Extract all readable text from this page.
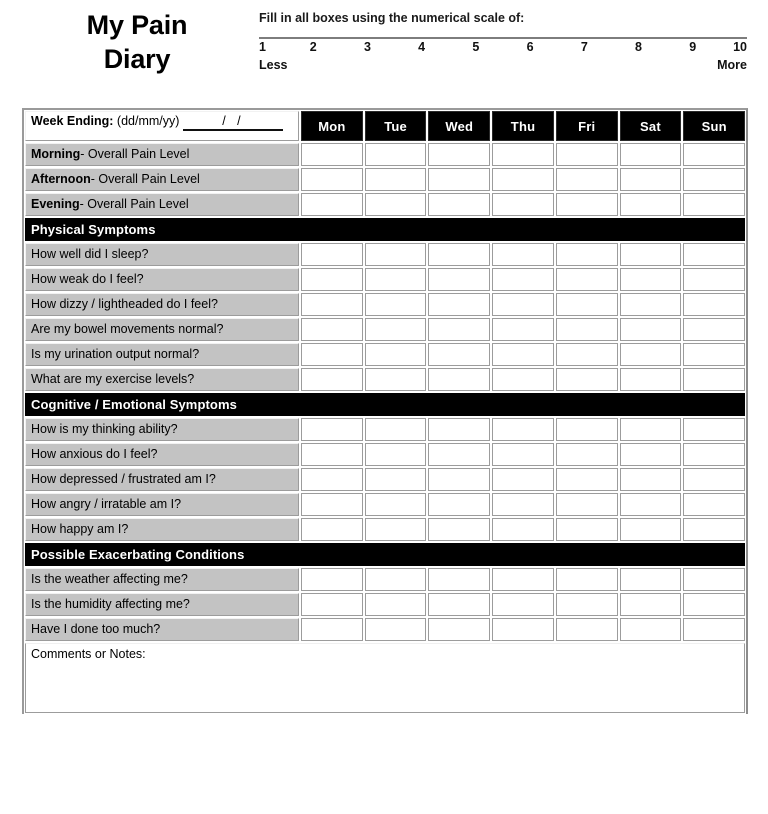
My Pain
Diary
Fill in all boxes using the numerical scale of:
1	2	3	4	5	6	7	8	9	10
Less	More
Week Ending: (dd/mm/yy)	/ /	Mon	Tue	Wed	Thu	Fri	Sat	Sun
Morning - Overall Pain Level
Afternoon - Overall Pain Level
Evening - Overall Pain Level
Physical Symptoms
How well did I sleep?
How weak do I feel?
How dizzy / lightheaded do I feel?
Are my bowel movements normal?
Is my urination output normal?
What are my exercise levels?
Cognitive / Emotional Symptoms
How is my thinking ability?
How anxious do I feel?
How depressed / frustrated am I?
How angry / irratable am I?
How happy am I?
Possible Exacerbating Conditions
Is the weather affecting me?
Is the humidity affecting me?
Have I done too much?
Comments or Notes:
